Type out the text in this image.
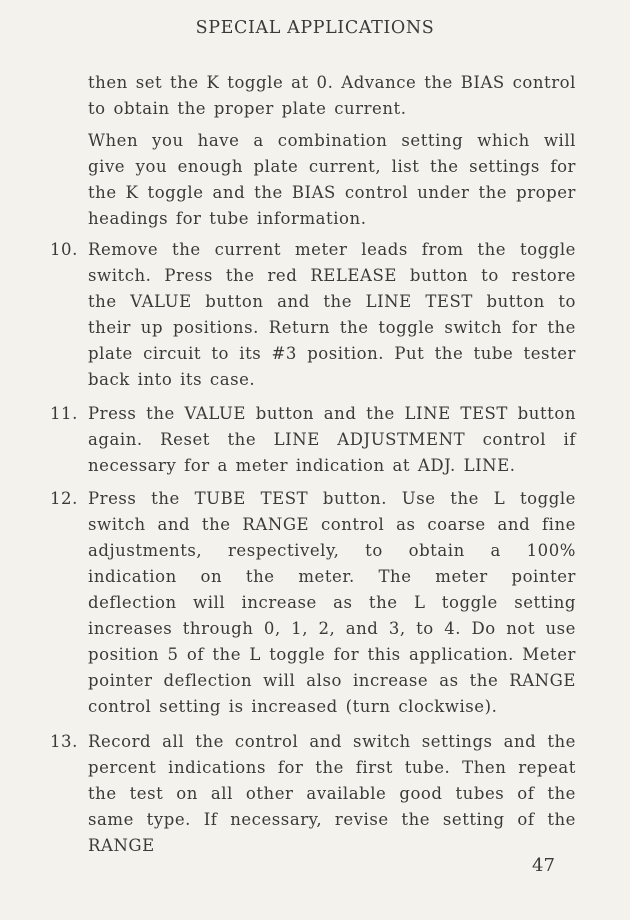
SPECIAL APPLICATIONS
then set the K toggle at 0. Advance the BIAS control to obtain the proper plate current.
When you have a combination setting which will give you enough plate current, list the settings for the K toggle and the BIAS control under the proper headings for tube information.
10. Remove the current meter leads from the toggle switch. Press the red RELEASE button to restore the VALUE button and the LINE TEST button to their up positions. Return the toggle switch for the plate circuit to its #3 position. Put the tube tester back into its case.
11. Press the VALUE button and the LINE TEST button again. Reset the LINE ADJUSTMENT control if necessary for a meter indication at ADJ. LINE.
12. Press the TUBE TEST button. Use the L toggle switch and the RANGE control as coarse and fine adjustments, respectively, to obtain a 100% indication on the meter. The meter pointer deflection will increase as the L toggle setting increases through 0, 1, 2, and 3, to 4. Do not use position 5 of the L toggle for this application. Meter pointer deflection will also increase as the RANGE control setting is increased (turn clockwise).
13. Record all the control and switch settings and the percent indications for the first tube. Then repeat the test on all other available good tubes of the same type. If necessary, revise the setting of the RANGE
47
